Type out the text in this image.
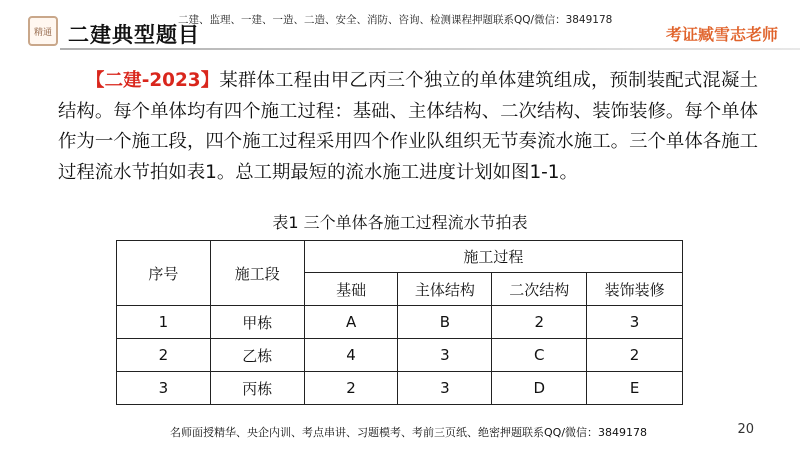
精通 二建典型题目
二建、监理、一建、一造、二造、安全、消防、咨询、检测课程押题联系QQ/微信：3849178
考证臧雪志老师
【二建-2023】某群体工程由甲乙丙三个独立的单体建筑组成，预制装配式混凝土结构。每个单体均有四个施工过程：基础、主体结构、二次结构、装饰装修。每个单体作为一个施工段，四个施工过程采用四个作业队组织无节奏流水施工。三个单体各施工过程流水节拍如表1。总工期最短的流水施工进度计划如图1-1。
表1 三个单体各施工过程流水节拍表
序号	施工段	施工过程			
		基础	主体结构	二次结构	装饰装修
1	甲栋	A	B	2	3
2	乙栋	4	3	C	2
3	丙栋	2	3	D	E
名师面授精华、央企内训、考点串讲、习题模考、考前三页纸、绝密押题联系QQ/微信：3849178	20
